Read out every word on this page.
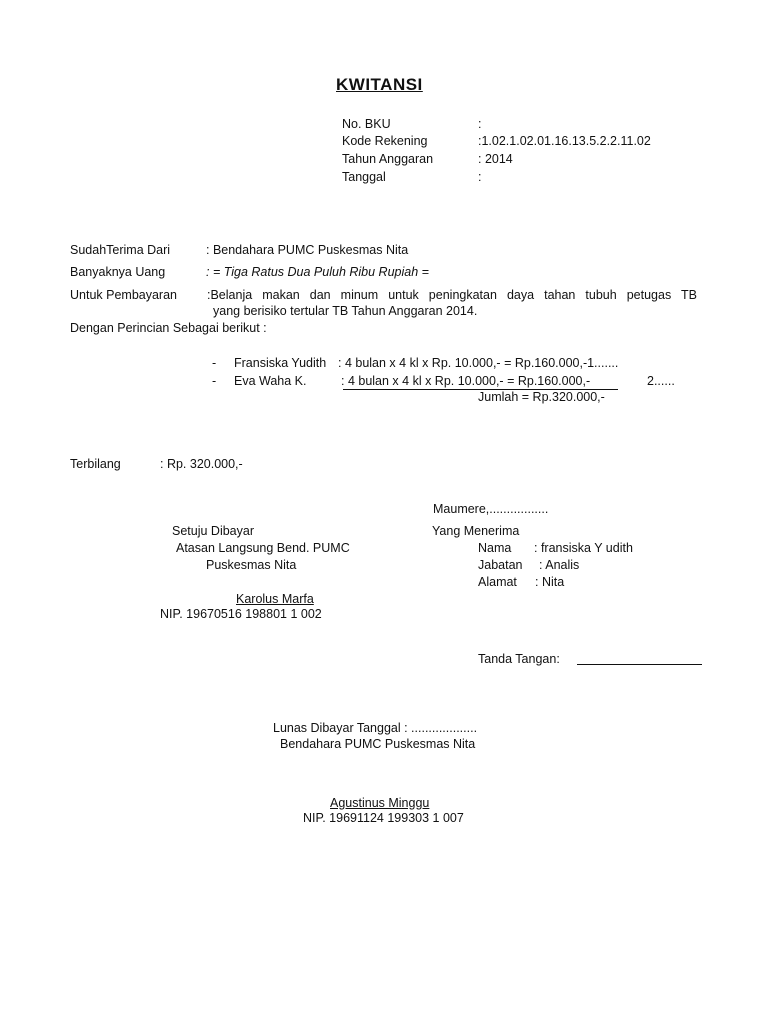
KWITANSI
No. BKU	:
Kode Rekening	:1.02.1.02.01.16.13.5.2.2.11.02
Tahun Anggaran	: 2014
Tanggal	:
SudahTerima Dari	: Bendahara PUMC Puskesmas Nita
Banyaknya Uang	: = Tiga Ratus Dua Puluh Ribu Rupiah =
Untuk Pembayaran :Belanja makan dan minum untuk peningkatan daya tahan tubuh petugas TB
yang berisiko tertular TB Tahun Anggaran 2014.
Dengan Perincian Sebagai berikut :
- Fransiska Yudith : 4 bulan x 4 kl x Rp. 10.000,- = Rp.160.000,-1.......
- Eva Waha K.	: 4 bulan x 4 kl x Rp. 10.000,- = Rp.160.000,-	2......
Jumlah = Rp.320.000,-
Terbilang	: Rp. 320.000,-
Maumere,.................
Setuju Dibayar
Atasan Langsung Bend. PUMC
Puskesmas Nita
Karolus Marfa
NIP. 19670516 198801 1 002
Yang Menerima
Nama : fransiska Y udith
Jabatan : Analis
Alamat : Nita
Tanda Tangan:
Lunas Dibayar Tanggal : ...................
Bendahara PUMC Puskesmas Nita
Agustinus Minggu
NIP. 19691124 199303 1 007
